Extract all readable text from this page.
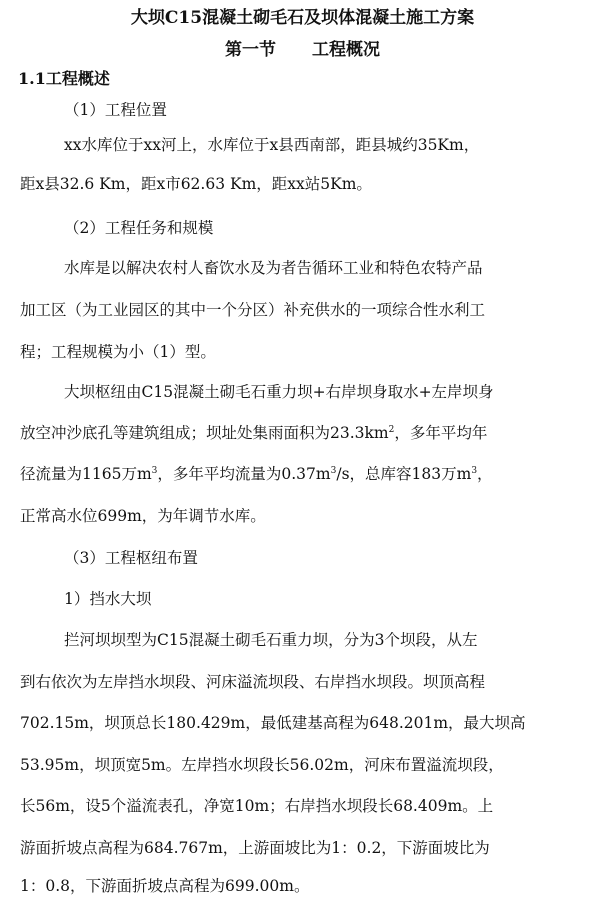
大坝C15混凝土砌毛石及坝体混凝土施工方案
第一节 工程概况
1.1工程概述
（1）工程位置
xx水库位于xx河上，水库位于x县西南部，距县城约35Km，
距x县32.6 Km，距x市62.63 Km，距xx站5Km。
（2）工程任务和规模
水库是以解决农村人畜饮水及为者告循环工业和特色农特产品
加工区（为工业园区的其中一个分区）补充供水的一项综合性水利工
程；工程规模为小（1）型。
大坝枢纽由C15混凝土砌毛石重力坝+右岸坝身取水+左岸坝身
放空冲沙底孔等建筑组成；坝址处集雨面积为$23.3km^2$，多年平均年
径流量为1165万$m^3$，多年平均流量为$0.37m^3/s$，总库容183万$m^3$，
正常高水位699m，为年调节水库。
（3）工程枢纽布置
1）挡水大坝
拦河坝坝型为C15混凝土砌毛石重力坝，分为3个坝段，从左
到右依次为左岸挡水坝段、河床溢流坝段、右岸挡水坝段。坝顶高程
702.15m，坝顶总长180.429m，最低建基高程为648.201m，最大坝高
53.95m，坝顶宽5m。左岸挡水坝段长56.02m，河床布置溢流坝段，
长56m，设5个溢流表孔，净宽10m；右岸挡水坝段长68.409m。上
游面折坡点高程为684.767m，上游面坡比为1：0.2，下游面坡比为
1：0.8，下游面折坡点高程为699.00m。
